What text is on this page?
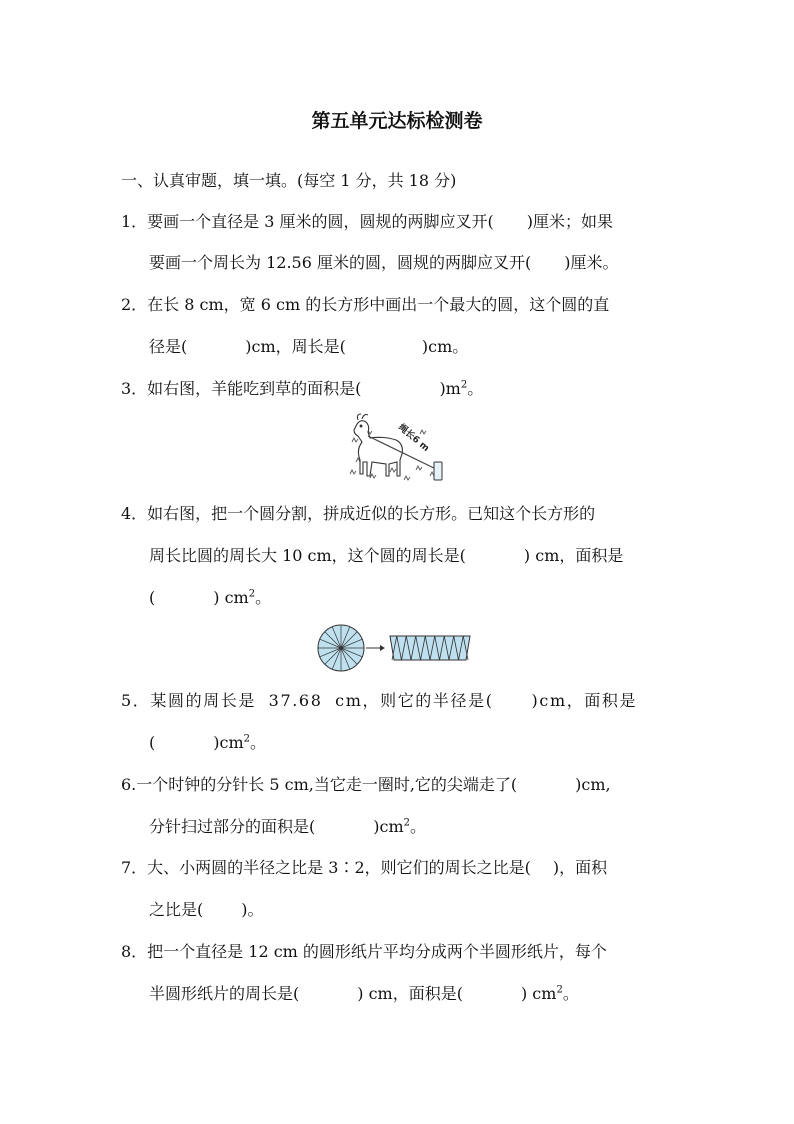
第五单元达标检测卷
一、认真审题，填一填。(每空 1 分，共 18 分)
1．要画一个直径是 3 厘米的圆，圆规的两脚应叉开( )厘米；如果
要画一个周长为 12.56 厘米的圆，圆规的两脚应叉开( )厘米。
2．在长 8 cm，宽 6 cm 的长方形中画出一个最大的圆，这个圆的直
径是(	)cm，周长是(	)cm。
3．如右图，羊能吃到草的面积是(	)$m^2$。
绳长6 m
4．如右图，把一个圆分割，拼成近似的长方形。已知这个长方形的
周长比圆的周长大 10 cm，这个圆的周长是(	) cm，面积是
(	) $cm^2$。
5．某圆的周长是 37.68 cm，则它的半径是( )cm，面积是
(	)$cm^2$。
6.一个时钟的分针长 5 cm,当它走一圈时,它的尖端走了(	)cm,
分针扫过部分的面积是(	)$cm^2$。
7．大、小两圆的半径之比是 3∶2，则它们的周长之比是( )，面积
之比是( )。
8．把一个直径是 12 cm 的圆形纸片平均分成两个半圆形纸片，每个
半圆形纸片的周长是(	) cm，面积是(	) $cm^2$。
